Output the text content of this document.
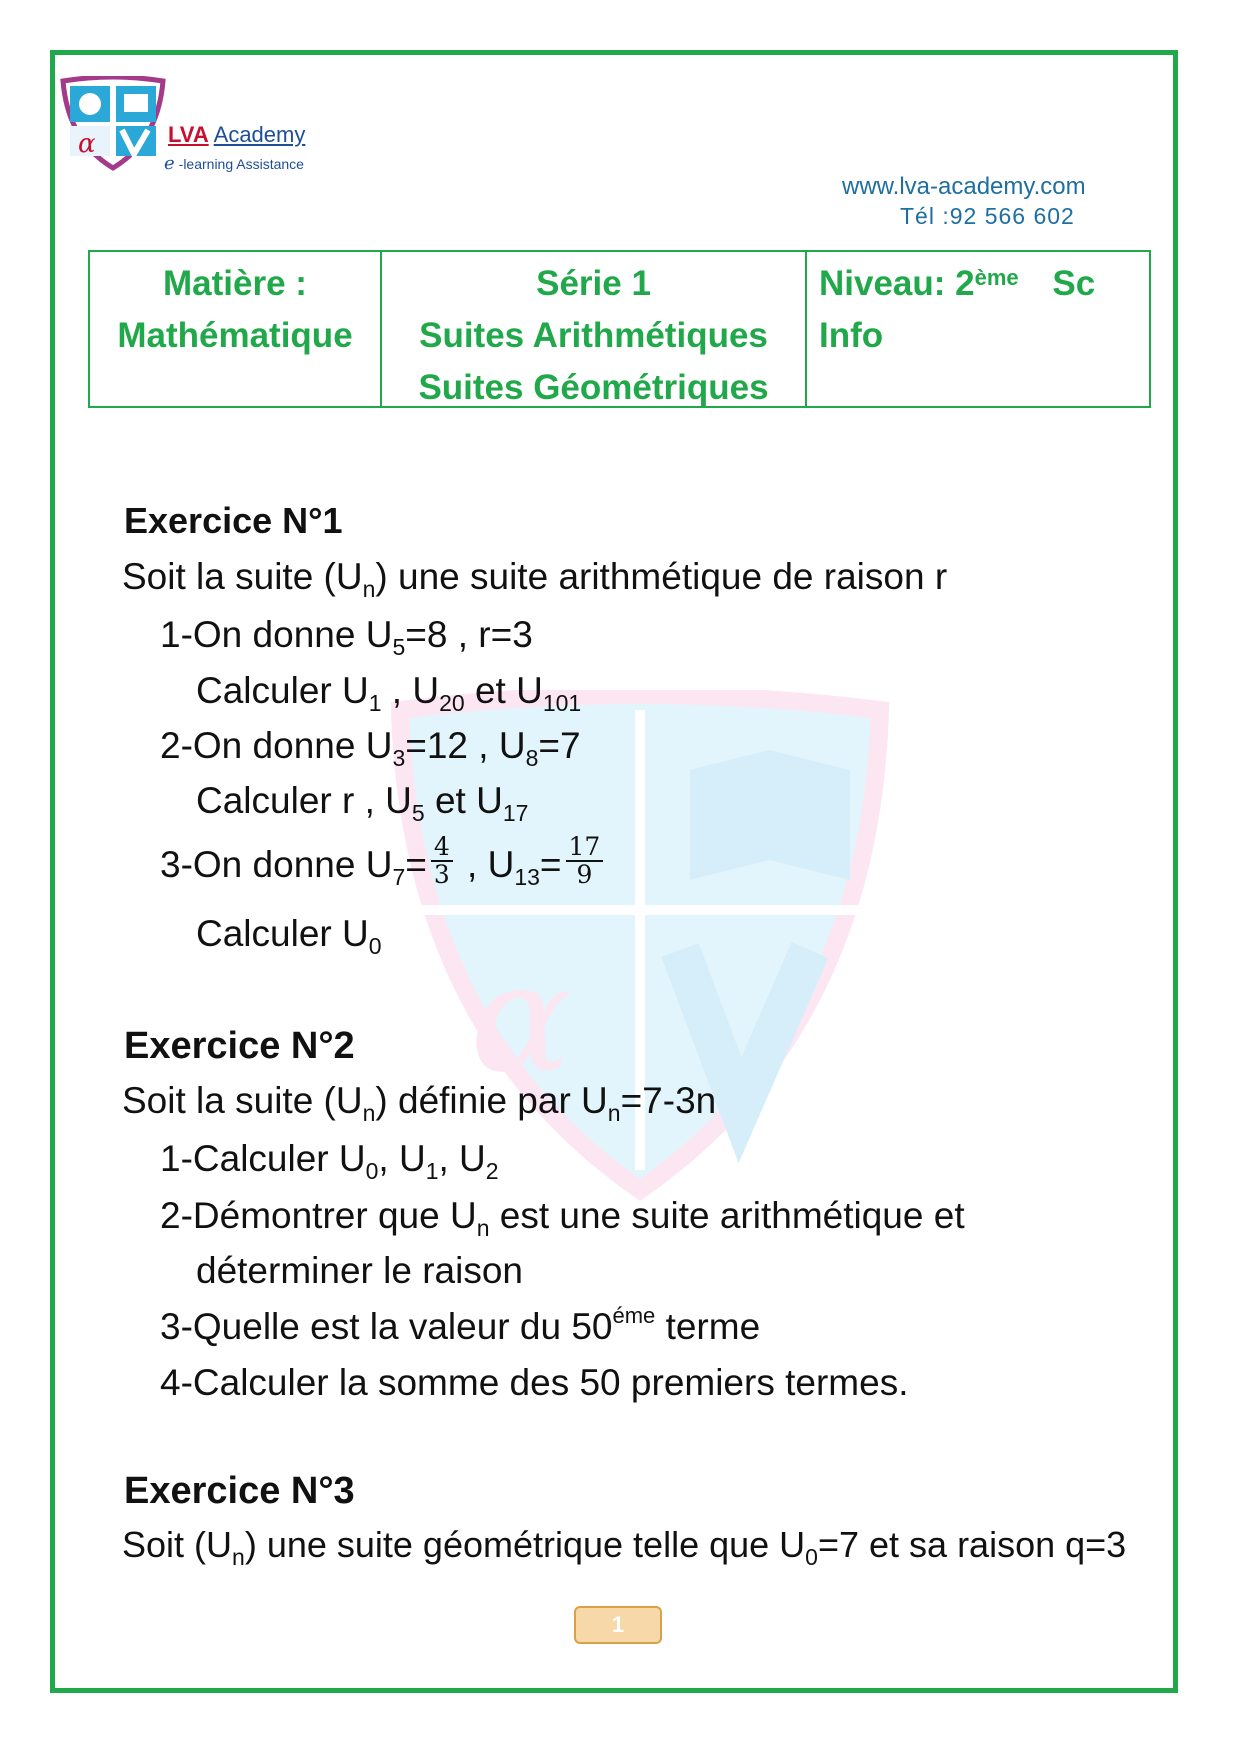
α
α	LVA Academy
e -learning Assistance
www.lva-academy.com
Tél :92 566 602
Matière :
Mathématique
Série 1
Suites Arithmétiques
Suites Géométriques
Niveau: 2ème Sc
Info
Exercice N°1
Soit la suite $(U_n)$ une suite arithmétique de raison r
1-On donne $U_5=8$ , r=3
Calculer $U_1$ , $U_{20}$ et $U_{101}$
2-On donne $U_3=12$ , $U_8=7$
Calculer r , $U_5$ et $U_{17}$
3-On donne $U_7= \frac{4}{3}$ , $U_{13}= \frac{17}{9}$
Calculer $U_0$
Exercice N°2
Soit la suite $(U_n)$ définie par $U_n=7-3n$
1-Calculer $U_0$, $U_1$, $U_2$
2-Démontrer que $U_n$ est une suite arithmétique et
déterminer le raison
3-Quelle est la valeur du $50^{éme}$ terme
4-Calculer la somme des 50 premiers termes.
Exercice N°3
Soit $(U_n)$ une suite géométrique telle que $U_0=7$ et sa raison q=3
1
